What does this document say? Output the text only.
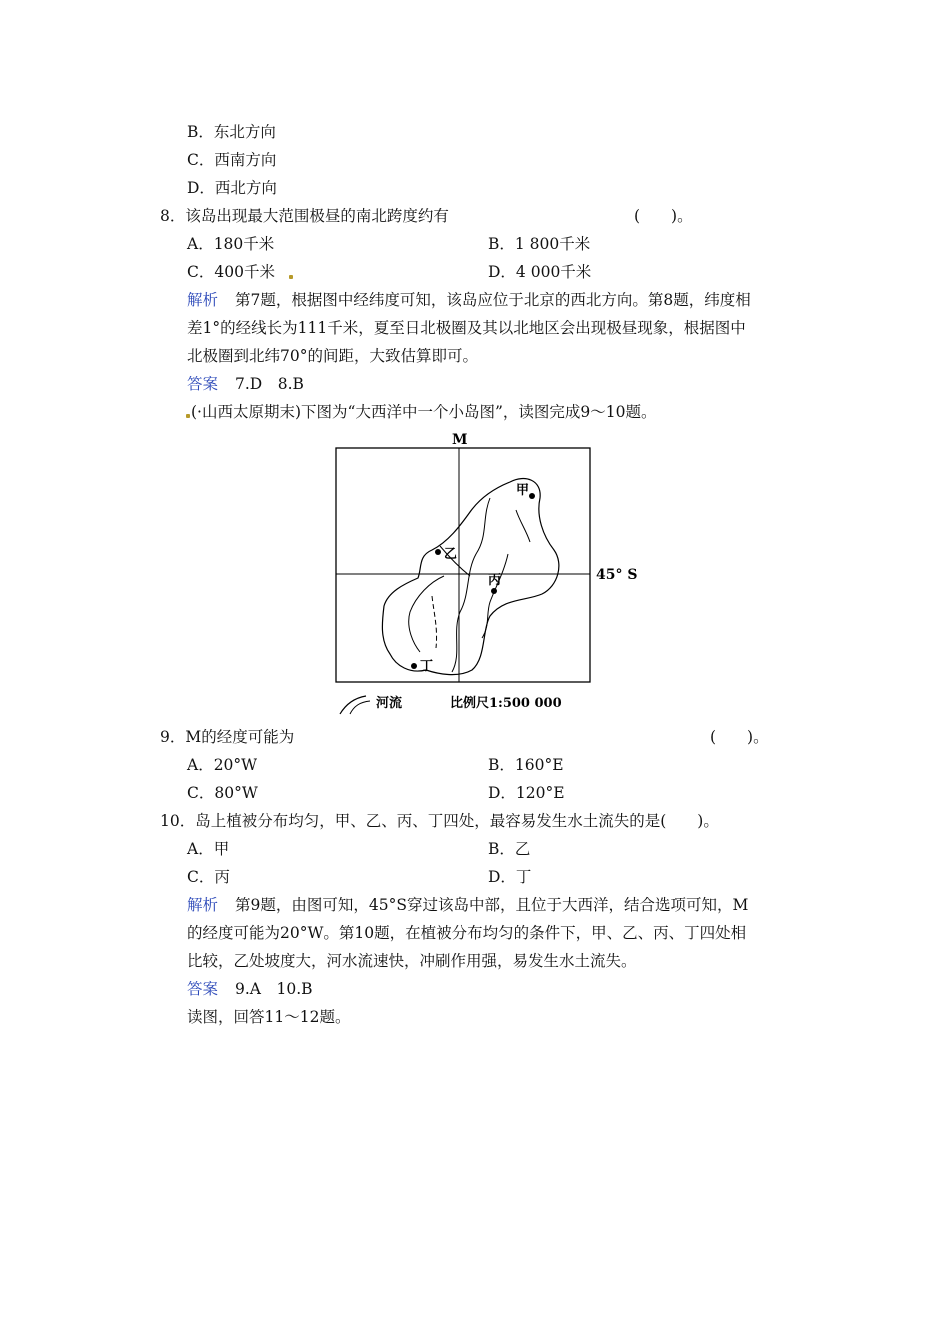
B．东北方向
C．西南方向
D．西北方向
8．该岛出现最大范围极昼的南北跨度约有	(　　)。
A．180千米	B．1 800千米
C．400千米	D．4 000千米
解析 第7题，根据图中经纬度可知，该岛应位于北京的西北方向。第8题，纬度相
差1°的经线长为111千米，夏至日北极圈及其以北地区会出现极昼现象，根据图中
北极圈到北纬70°的间距，大致估算即可。
答案 7.D　8.B
(·山西太原期末)下图为“大西洋中一个小岛图”，读图完成9～10题。
M
45° S
甲
乙
丙
丁
河流	比例尺1:500 000
9．M的经度可能为	(　　)。
A．20°W	B．160°E
C．80°W	D．120°E
10．岛上植被分布均匀，甲、乙、丙、丁四处，最容易发生水土流失的是(　　)。
A．甲	B．乙
C．丙	D．丁
解析 第9题，由图可知，45°S穿过该岛中部，且位于大西洋，结合选项可知，M
的经度可能为20°W。第10题，在植被分布均匀的条件下，甲、乙、丙、丁四处相
比较，乙处坡度大，河水流速快，冲刷作用强，易发生水土流失。
答案 9.A　10.B
读图，回答11～12题。
